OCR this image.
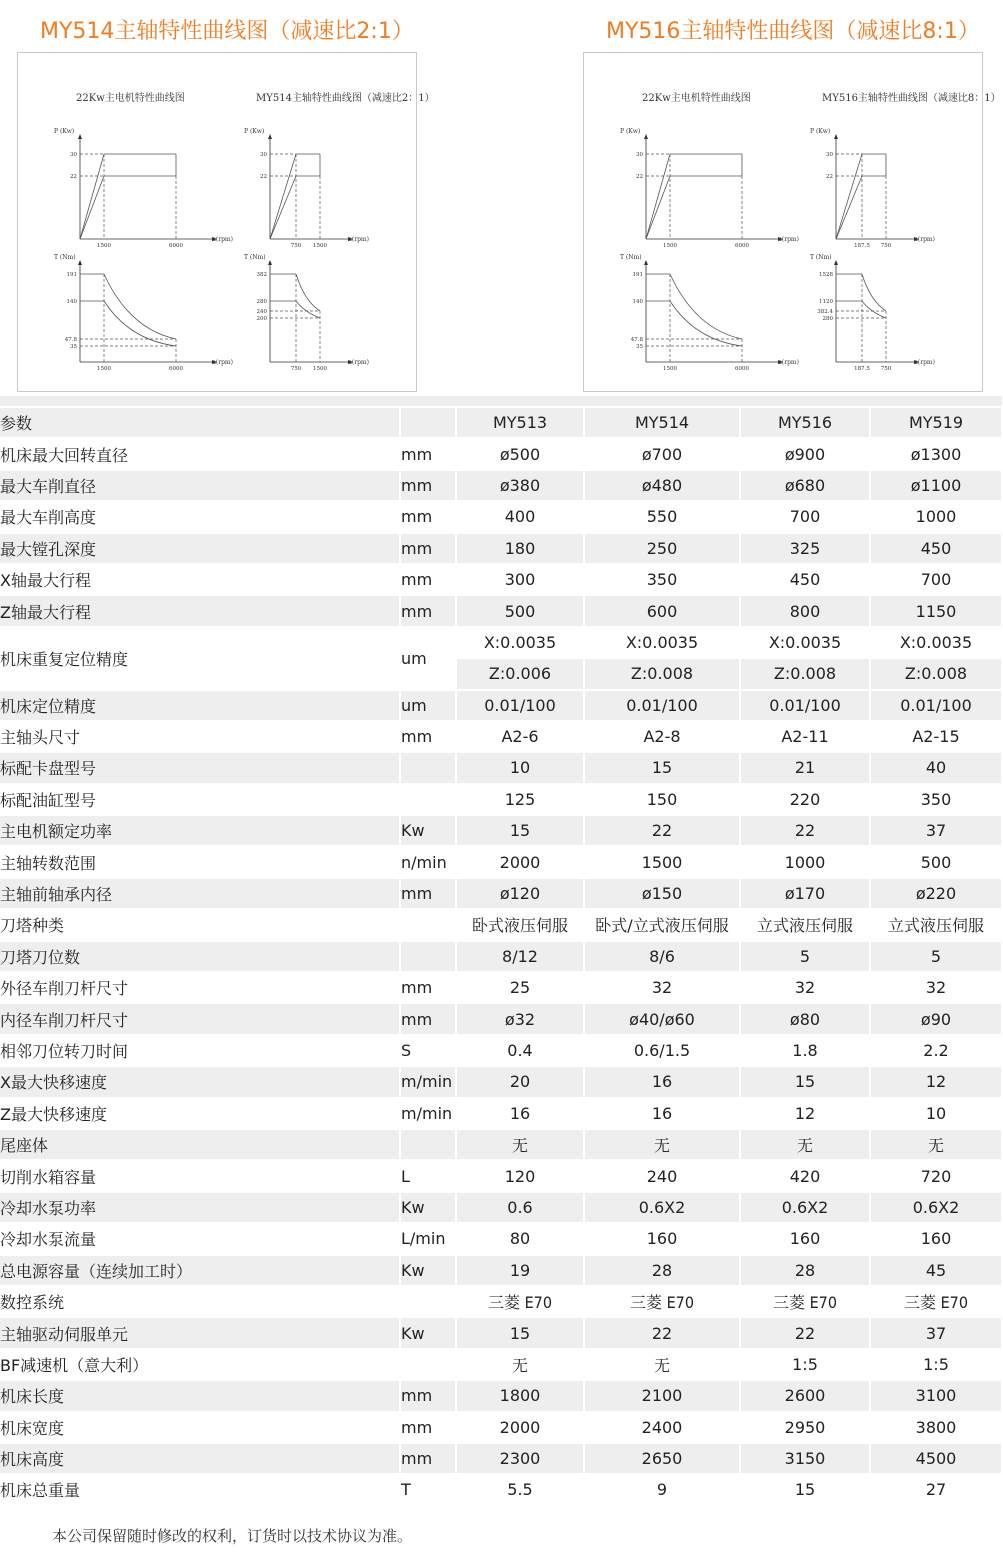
MY514主轴特性曲线图（减速比2:1）	MY516主轴特性曲线图（减速比8:1）
22Kw主电机特性曲线图
P (Kw)
n(rpm)
30
22
1500	6000
T (Nm)
n(rpm)
191
140
47.8
35
1500	6000
MY514主轴特性曲线图（减速比2：1）
P (Kw)
n(rpm)
30
22
750 1500
T (Nm)
n(rpm)
382
280
240
200
750 1500
22Kw主电机特性曲线图
P (Kw)
n(rpm)
30
22
1500	6000
T (Nm)
n(rpm)
191
140
47.8
35
1500	6000
MY516主轴特性曲线图（减速比8：1）
P (Kw)
n(rpm)
30
22
187.5 750
T (Nm)
n(rpm)
1528
1120
382.4
280
187.5 750
参数		MY513	MY514	MY516	MY519
机床最大回转直径	mm	ø500	ø700	ø900	ø1300
最大车削直径	mm	ø380	ø480	ø680	ø1100
最大车削高度	mm	400	550	700	1000
最大镗孔深度	mm	180	250	325	450
X轴最大行程	mm	300	350	450	700
Z轴最大行程	mm	500	600	800	1150
机床重复定位精度	um	X:0.0035	X:0.0035	X:0.0035	X:0.0035
		Z:0.006	Z:0.008	Z:0.008	Z:0.008
机床定位精度	um	0.01/100	0.01/100	0.01/100	0.01/100
主轴头尺寸	mm	A2-6	A2-8	A2-11	A2-15
标配卡盘型号		10	15	21	40
标配油缸型号		125	150	220	350
主电机额定功率	Kw	15	22	22	37
主轴转数范围	n/min	2000	1500	1000	500
主轴前轴承内径	mm	ø120	ø150	ø170	ø220
刀塔种类		卧式液压伺服	卧式/立式液压伺服	立式液压伺服	立式液压伺服
刀塔刀位数		8/12	8/6	5	5
外径车削刀杆尺寸	mm	25	32	32	32
内径车削刀杆尺寸	mm	ø32	ø40/ø60	ø80	ø90
相邻刀位转刀时间	S	0.4	0.6/1.5	1.8	2.2
X最大快移速度	m/min	20	16	15	12
Z最大快移速度	m/min	16	16	12	10
尾座体		无	无	无	无
切削水箱容量	L	120	240	420	720
冷却水泵功率	Kw	0.6	0.6X2	0.6X2	0.6X2
冷却水泵流量	L/min	80	160	160	160
总电源容量（连续加工时）	Kw	19	28	28	45
数控系统		三菱 E70	三菱 E70	三菱 E70	三菱 E70
主轴驱动伺服单元	Kw	15	22	22	37
BF减速机（意大利）		无	无	1:5	1:5
机床长度	mm	1800	2100	2600	3100
机床宽度	mm	2000	2400	2950	3800
机床高度	mm	2300	2650	3150	4500
机床总重量	T	5.5	9	15	27
本公司保留随时修改的权利，订货时以技术协议为准。
